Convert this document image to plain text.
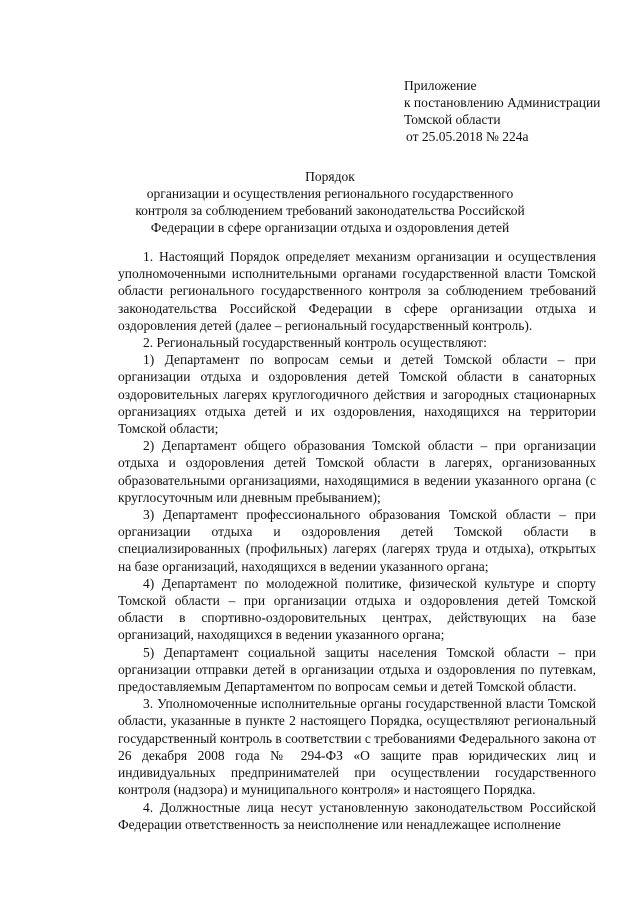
Приложение
к постановлению Администрации
Томской области
от 25.05.2018 № 224а
Порядок
организации и осуществления регионального государственного
контроля за соблюдением требований законодательства Российской
Федерации в сфере организации отдыха и оздоровления детей

1. Настоящий Порядок определяет механизм организации и осуществления уполномоченными исполнительными органами государственной власти Томской области регионального государственного контроля за соблюдением требований законодательства Российской Федерации в сфере организации отдыха и оздоровления детей (далее – региональный государственный контроль).

2. Региональный государственный контроль осуществляют:

1) Департамент по вопросам семьи и детей Томской области – при организации отдыха и оздоровления детей Томской области в санаторных оздоровительных лагерях круглогодичного действия и загородных стационарных организациях отдыха детей и их оздоровления, находящихся на территории Томской области;

2) Департамент общего образования Томской области – при организации отдыха и оздоровления детей Томской области в лагерях, организованных образовательными организациями, находящимися в ведении указанного органа (с круглосуточным или дневным пребыванием);

3) Департамент профессионального образования Томской области – при организации отдыха и оздоровления детей Томской области в специализированных (профильных) лагерях (лагерях труда и отдыха), открытых на базе организаций, находящихся в ведении указанного органа;

4) Департамент по молодежной политике, физической культуре и спорту Томской области – при организации отдыха и оздоровления детей Томской области в спортивно-оздоровительных центрах, действующих на базе организаций, находящихся в ведении указанного органа;

5) Департамент социальной защиты населения Томской области – при организации отправки детей в организации отдыха и оздоровления по путевкам, предоставляемым Департаментом по вопросам семьи и детей Томской области.

3. Уполномоченные исполнительные органы государственной власти Томской области, указанные в пункте 2 настоящего Порядка, осуществляют региональный государственный контроль в соответствии с требованиями Федерального закона от 26 декабря 2008 года № 294-ФЗ «О защите прав юридических лиц и индивидуальных предпринимателей при осуществлении государственного контроля (надзора) и муниципального контроля» и настоящего Порядка.

4. Должностные лица несут установленную законодательством Российской Федерации ответственность за неисполнение или ненадлежащее исполнение
